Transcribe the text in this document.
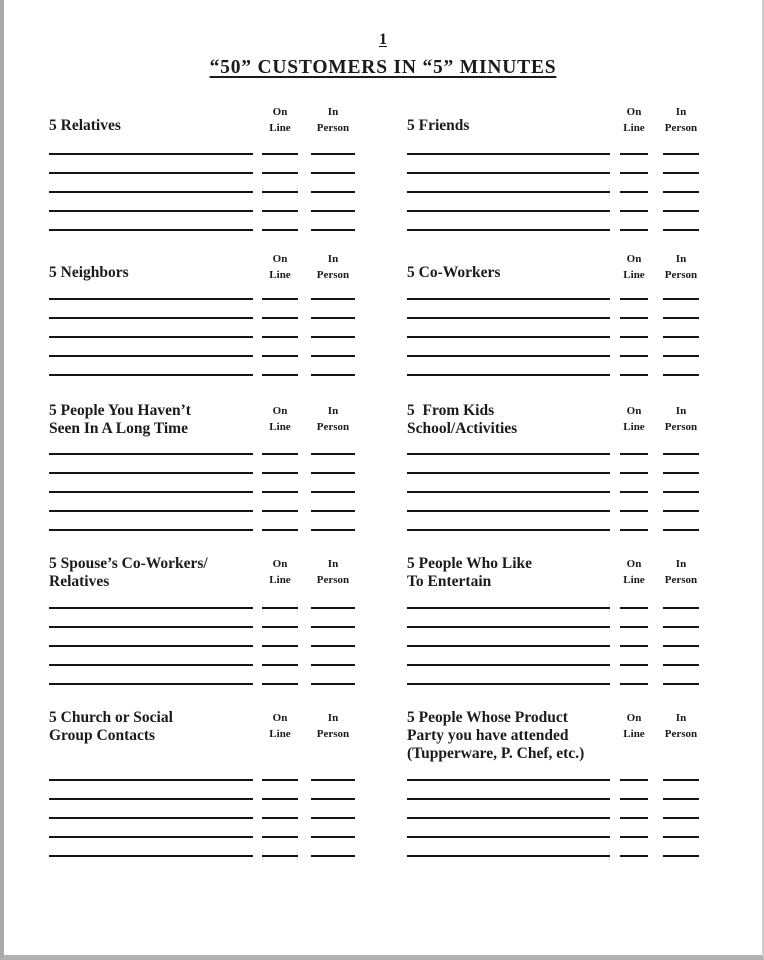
1
“50” CUSTOMERS IN “5” MINUTES
5 Relatives
On
Line
In
Person	5 Friends
On
Line
In
Person
5 Neighbors
On
Line
In
Person	5 Co-Workers
On
Line
In
Person
5 People You Haven’t
Seen In A Long Time
On
Line
In
Person
5  From Kids
School/Activities
On
Line
In
Person
5 Spouse’s Co-Workers/
Relatives
On
Line
In
Person
5 People Who Like
To Entertain
On
Line
In
Person
5 Church or Social
Group Contacts
On
Line
In
Person
5 People Whose Product
Party you have attended
(Tupperware, P. Chef, etc.)
On
Line
In
Person
